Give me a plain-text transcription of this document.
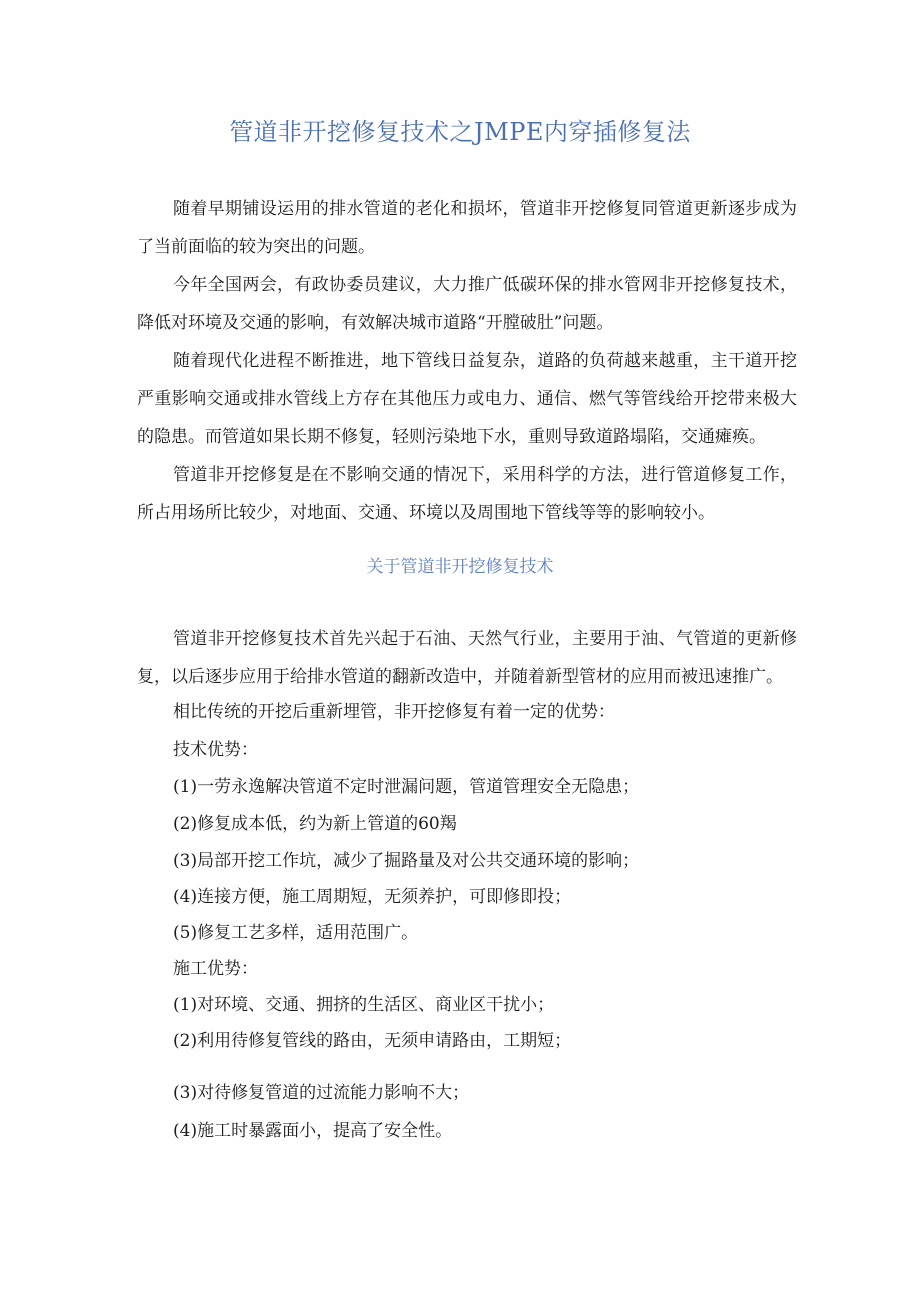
管道非开挖修复技术之JMPE内穿插修复法

随着早期铺设运用的排水管道的老化和损坏，管道非开挖修复同管道更新逐步成为了当前面临的较为突出的问题。

今年全国两会，有政协委员建议，大力推广低碳环保的排水管网非开挖修复技术，降低对环境及交通的影响，有效解决城市道路“开膛破肚”问题。

随着现代化进程不断推进，地下管线日益复杂，道路的负荷越来越重，主干道开挖严重影响交通或排水管线上方存在其他压力或电力、通信、燃气等管线给开挖带来极大的隐患。而管道如果长期不修复，轻则污染地下水，重则导致道路塌陷，交通瘫痪。

管道非开挖修复是在不影响交通的情况下，采用科学的方法，进行管道修复工作，所占用场所比较少，对地面、交通、环境以及周围地下管线等等的影响较小。

关于管道非开挖修复技术

管道非开挖修复技术首先兴起于石油、天然气行业，主要用于油、气管道的更新修复，以后逐步应用于给排水管道的翻新改造中，并随着新型管材的应用而被迅速推广。

相比传统的开挖后重新埋管，非开挖修复有着一定的优势：
技术优势：
(1)一劳永逸解决管道不定时泄漏问题，管道管理安全无隐患；
(2)修复成本低，约为新上管道的60羯
(3)局部开挖工作坑，减少了掘路量及对公共交通环境的影响；
(4)连接方便，施工周期短，无须养护，可即修即投；
(5)修复工艺多样，适用范围广。
施工优势：
(1)对环境、交通、拥挤的生活区、商业区干扰小；
(2)利用待修复管线的路由，无须申请路由，工期短；
(3)对待修复管道的过流能力影响不大；
(4)施工时暴露面小，提高了安全性。
